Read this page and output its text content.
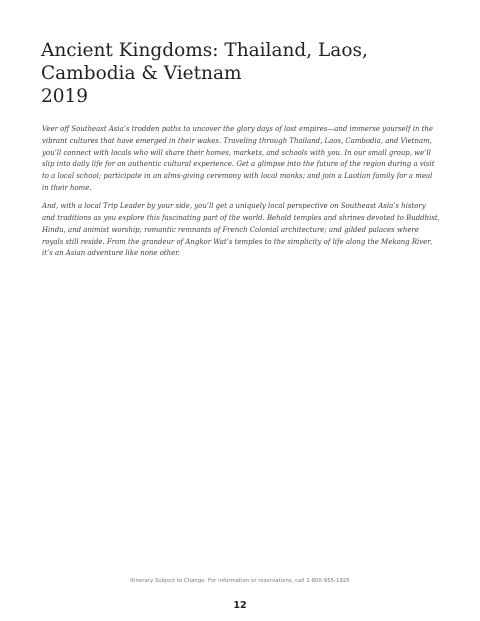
Ancient Kingdoms: Thailand, Laos,
Cambodia & Vietnam
2019

Veer off Southeast Asia’s trodden paths to uncover the glory days of lost empires—and immerse yourself in the vibrant cultures that have emerged in their wakes. Traveling through Thailand, Laos, Cambodia, and Vietnam, you’ll connect with locals who will share their homes, markets, and schools with you. In our small group, we’ll slip into daily life for an authentic cultural experience. Get a glimpse into the future of the region during a visit to a local school; participate in an alms-giving ceremony with local monks; and join a Laotian family for a meal in their home.

And, with a local Trip Leader by your side, you’ll get a uniquely local perspective on Southeast Asia’s history and traditions as you explore this fascinating part of the world. Behold temples and shrines devoted to Buddhist, Hindu, and animist worship; romantic remnants of French Colonial architecture; and gilded palaces where royals still reside. From the grandeur of Angkor Wat’s temples to the simplicity of life along the Mekong River, it’s an Asian adventure like none other.

Itinerary Subject to Change. For information or reservations, call 1-800-955-1925
12
